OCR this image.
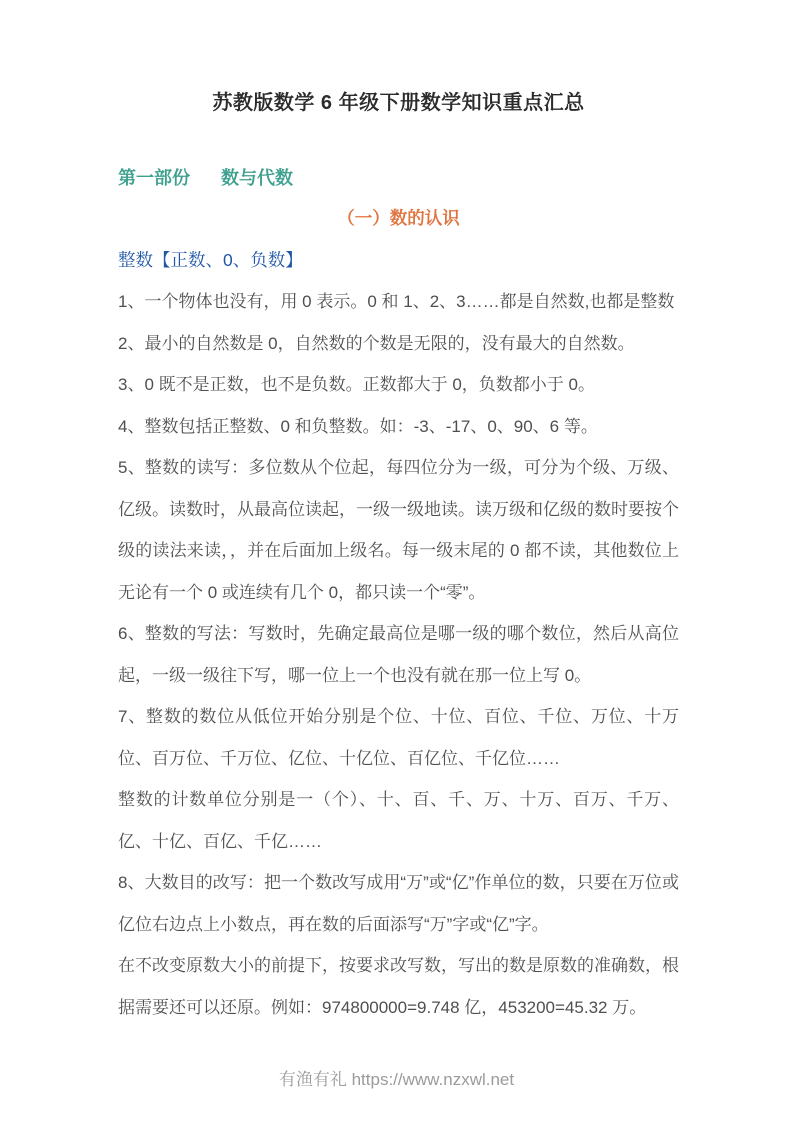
苏教版数学 6 年级下册数学知识重点汇总
第一部份 数与代数
（一）数的认识
整数【正数、0、负数】

1、一个物体也没有，用 0 表示。0 和 1、2、3……都是自然数,也都是整数

2、最小的自然数是 0，自然数的个数是无限的，没有最大的自然数。

3、0 既不是正数，也不是负数。正数都大于 0，负数都小于 0。

4、整数包括正整数、0 和负整数。如：-3、-17、0、90、6 等。

5、整数的读写：多位数从个位起，每四位分为一级，可分为个级、万级、亿级。读数时，从最高位读起，一级一级地读。读万级和亿级的数时要按个级的读法来读，，并在后面加上级名。每一级末尾的 0 都不读，其他数位上无论有一个 0 或连续有几个 0，都只读一个“零”。

6、整数的写法：写数时，先确定最高位是哪一级的哪个数位，然后从高位起，一级一级往下写，哪一位上一个也没有就在那一位上写 0。

7、整数的数位从低位开始分别是个位、十位、百位、千位、万位、十万位、百万位、千万位、亿位、十亿位、百亿位、千亿位……

整数的计数单位分别是一（个）、十、百、千、万、十万、百万、千万、亿、十亿、百亿、千亿……

8、大数目的改写：把一个数改写成用“万”或“亿”作单位的数，只要在万位或亿位右边点上小数点，再在数的后面添写“万”字或“亿”字。

在不改变原数大小的前提下，按要求改写数，写出的数是原数的准确数，根据需要还可以还原。例如：974800000=9.748 亿，453200=45.32 万。

有渔有礼 https://www.nzxwl.net
